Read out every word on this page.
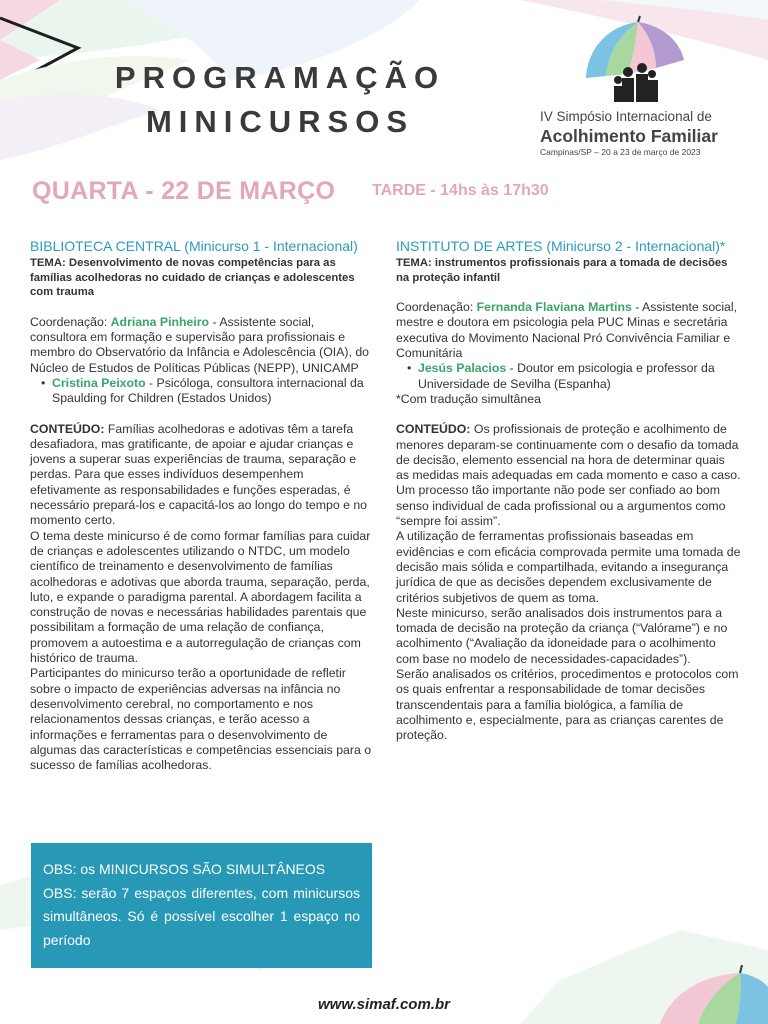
PROGRAMAÇÃO
MINICURSOS	IV Simpósio Internacional de
Acolhimento Familiar
Campinas/SP – 20 a 23 de março de 2023
QUARTA - 22 DE MARÇO TARDE - 14hs às 17h30
BIBLIOTECA CENTRAL (Minicurso 1 - Internacional)

TEMA: Desenvolvimento de novas competências para as famílias acolhedoras no cuidado de crianças e adolescentes com trauma

Coordenação: Adriana Pinheiro - Assistente social, consultora em formação e supervisão para profissionais e membro do Observatório da Infância e Adolescência (OIA), do Núcleo de Estudos de Políticas Públicas (NEPP), UNICAMP

• Cristina Peixoto - Psicóloga, consultora internacional da Spaulding for Children (Estados Unidos)

CONTEÚDO: Famílias acolhedoras e adotivas têm a tarefa desafiadora, mas gratificante, de apoiar e ajudar crianças e jovens a superar suas experiências de trauma, separação e perdas. Para que esses indivíduos desempenhem efetivamente as responsabilidades e funções esperadas, é necessário prepará-los e capacitá-los ao longo do tempo e no momento certo.

O tema deste minicurso é de como formar famílias para cuidar de crianças e adolescentes utilizando o NTDC, um modelo científico de treinamento e desenvolvimento de famílias acolhedoras e adotivas que aborda trauma, separação, perda, luto, e expande o paradigma parental. A abordagem facilita a construção de novas e necessárias habilidades parentais que possibilitam a formação de uma relação de confiança, promovem a autoestima e a autorregulação de crianças com histórico de trauma.

Participantes do minicurso terão a oportunidade de refletir sobre o impacto de experiências adversas na infância no desenvolvimento cerebral, no comportamento e nos relacionamentos dessas crianças, e terão acesso a informações e ferramentas para o desenvolvimento de algumas das características e competências essenciais para o sucesso de famílias acolhedoras.

INSTITUTO DE ARTES (Minicurso 2 - Internacional)*

TEMA: instrumentos profissionais para a tomada de decisões na proteção infantil

Coordenação: Fernanda Flaviana Martins - Assistente social, mestre e doutora em psicologia pela PUC Minas e secretária executiva do Movimento Nacional Pró Convivência Familiar e Comunitária

• Jesús Palacios - Doutor em psicologia e professor da Universidade de Sevilha (Espanha)

*Com tradução simultânea

CONTEÚDO: Os profissionais de proteção e acolhimento de menores deparam-se continuamente com o desafio da tomada de decisão, elemento essencial na hora de determinar quais as medidas mais adequadas em cada momento e caso a caso. Um processo tão importante não pode ser confiado ao bom senso individual de cada profissional ou a argumentos como “sempre foi assim”.

A utilização de ferramentas profissionais baseadas em evidências e com eficácia comprovada permite uma tomada de decisão mais sólida e compartilhada, evitando a insegurança jurídica de que as decisões dependem exclusivamente de critérios subjetivos de quem as toma.

Neste minicurso, serão analisados dois instrumentos para a tomada de decisão na proteção da criança (“Valórame”) e no acolhimento (“Avaliação da idoneidade para o acolhimento com base no modelo de necessidades-capacidades”).

Serão analisados os critérios, procedimentos e protocolos com os quais enfrentar a responsabilidade de tomar decisões transcendentais para a família biológica, a família de acolhimento e, especialmente, para as crianças carentes de proteção.

OBS: os MINICURSOS SÃO SIMULTÂNEOS
OBS: serão 7 espaços diferentes, com minicursos simultâneos. Só é possível escolher 1 espaço no período
www.simaf.com.br
